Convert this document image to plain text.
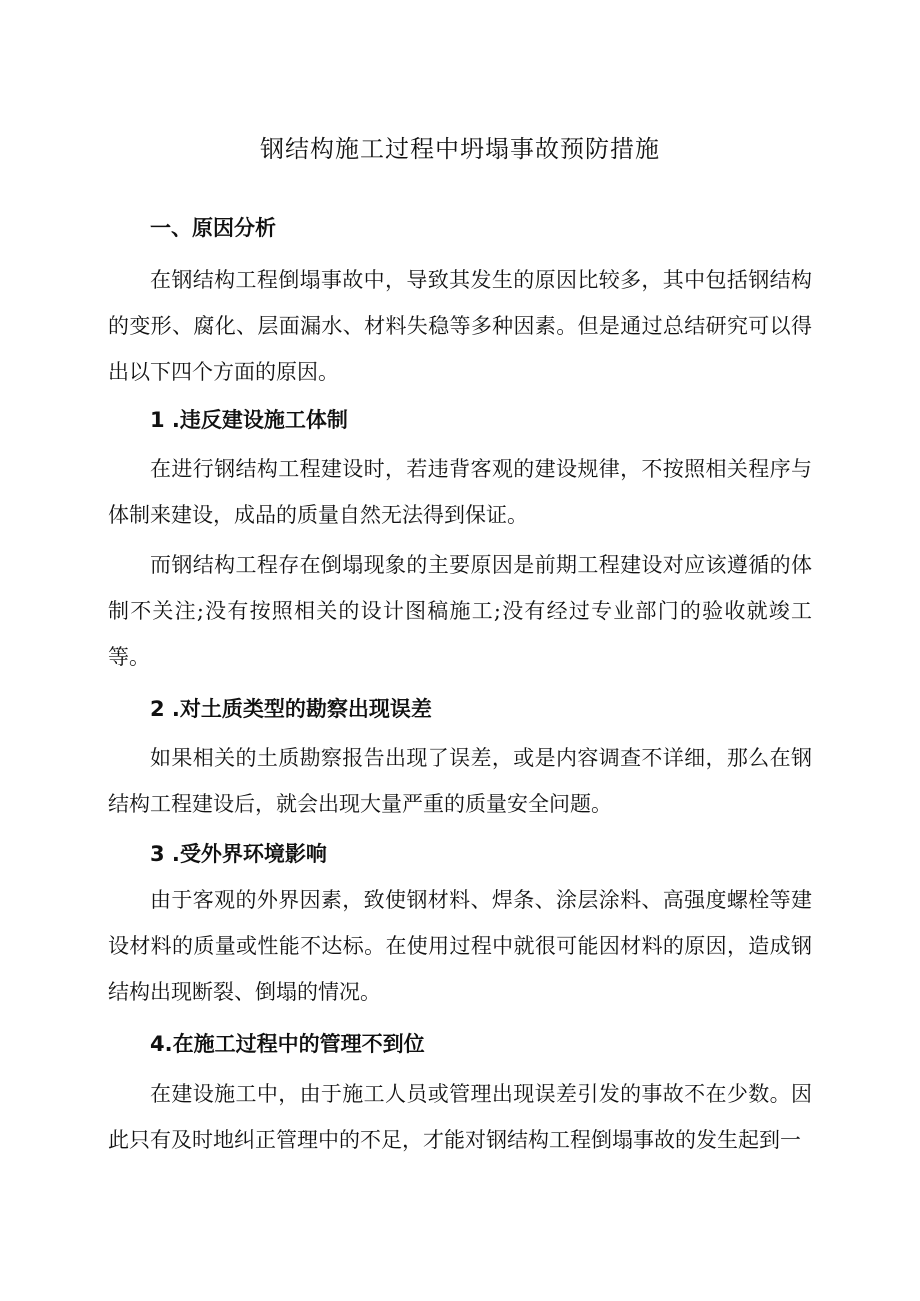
钢结构施工过程中坍塌事故预防措施
一、原因分析
在钢结构工程倒塌事故中，导致其发生的原因比较多，其中包括钢结构的变形、腐化、层面漏水、材料失稳等多种因素。但是通过总结研究可以得出以下四个方面的原因。
1 .违反建设施工体制
在进行钢结构工程建设时，若违背客观的建设规律，不按照相关程序与体制来建设，成品的质量自然无法得到保证。
而钢结构工程存在倒塌现象的主要原因是前期工程建设对应该遵循的体制不关注;没有按照相关的设计图稿施工;没有经过专业部门的验收就竣工等。
2 .对土质类型的勘察出现误差
如果相关的土质勘察报告出现了误差，或是内容调查不详细，那么在钢结构工程建设后，就会出现大量严重的质量安全问题。
3 .受外界环境影响
由于客观的外界因素，致使钢材料、焊条、涂层涂料、高强度螺栓等建设材料的质量或性能不达标。在使用过程中就很可能因材料的原因，造成钢结构出现断裂、倒塌的情况。
4.在施工过程中的管理不到位
在建设施工中，由于施工人员或管理出现误差引发的事故不在少数。因此只有及时地纠正管理中的不足，才能对钢结构工程倒塌事故的发生起到一
